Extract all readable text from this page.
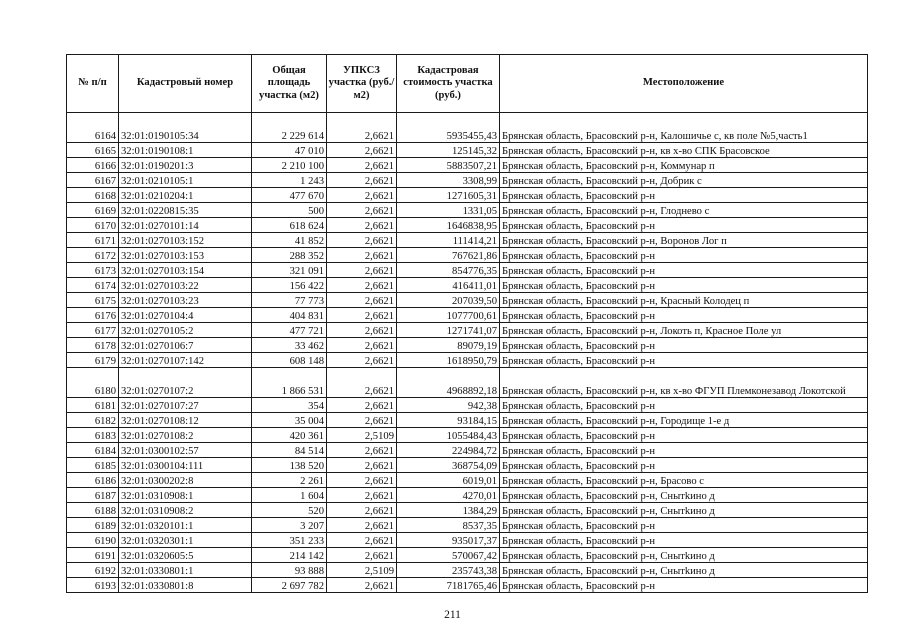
№ п/п	Кадастровый номер	Общая площадь участка (м2)	УПКСЗ участка (руб./м2)	Кадастровая стоимость участка (руб.)	Местоположение
6164	32:01:0190105:34	2 229 614	2,6621	5935455,43	Брянская область, Брасовский р-н, Калошичье с, кв поле №5,часть1
6165	32:01:0190108:1	47 010	2,6621	125145,32	Брянская область, Брасовский р-н, кв х-во СПК Брасовское
6166	32:01:0190201:3	2 210 100	2,6621	5883507,21	Брянская область, Брасовский р-н, Коммунар п
6167	32:01:0210105:1	1 243	2,6621	3308,99	Брянская область, Брасовский р-н, Добрик с
6168	32:01:0210204:1	477 670	2,6621	1271605,31	Брянская область, Брасовский р-н
6169	32:01:0220815:35	500	2,6621	1331,05	Брянская область, Брасовский р-н, Глоднево с
6170	32:01:0270101:14	618 624	2,6621	1646838,95	Брянская область, Брасовский р-н
6171	32:01:0270103:152	41 852	2,6621	111414,21	Брянская область, Брасовский р-н, Воронов Лог п
6172	32:01:0270103:153	288 352	2,6621	767621,86	Брянская область, Брасовский р-н
6173	32:01:0270103:154	321 091	2,6621	854776,35	Брянская область, Брасовский р-н
6174	32:01:0270103:22	156 422	2,6621	416411,01	Брянская область, Брасовский р-н
6175	32:01:0270103:23	77 773	2,6621	207039,50	Брянская область, Брасовский р-н, Красный Колодец п
6176	32:01:0270104:4	404 831	2,6621	1077700,61	Брянская область, Брасовский р-н
6177	32:01:0270105:2	477 721	2,6621	1271741,07	Брянская область, Брасовский р-н, Локоть п, Красное Поле ул
6178	32:01:0270106:7	33 462	2,6621	89079,19	Брянская область, Брасовский р-н
6179	32:01:0270107:142	608 148	2,6621	1618950,79	Брянская область, Брасовский р-н
6180	32:01:0270107:2	1 866 531	2,6621	4968892,18	Брянская область, Брасовский р-н, кв х-во ФГУП Племконезавод Локотской
6181	32:01:0270107:27	354	2,6621	942,38	Брянская область, Брасовский р-н
6182	32:01:0270108:12	35 004	2,6621	93184,15	Брянская область, Брасовский р-н, Городище 1-е д
6183	32:01:0270108:2	420 361	2,5109	1055484,43	Брянская область, Брасовский р-н
6184	32:01:0300102:57	84 514	2,6621	224984,72	Брянская область, Брасовский р-н
6185	32:01:0300104:111	138 520	2,6621	368754,09	Брянская область, Брасовский р-н
6186	32:01:0300202:8	2 261	2,6621	6019,01	Брянская область, Брасовский р-н, Брасово с
6187	32:01:0310908:1	1 604	2,6621	4270,01	Брянская область, Брасовский р-н, Снытkино д
6188	32:01:0310908:2	520	2,6621	1384,29	Брянская область, Брасовский р-н, Снытkино д
6189	32:01:0320101:1	3 207	2,6621	8537,35	Брянская область, Брасовский р-н
6190	32:01:0320301:1	351 233	2,6621	935017,37	Брянская область, Брасовский р-н
6191	32:01:0320605:5	214 142	2,6621	570067,42	Брянская область, Брасовский р-н, Снытkино д
6192	32:01:0330801:1	93 888	2,5109	235743,38	Брянская область, Брасовский р-н, Снытkино д
6193	32:01:0330801:8	2 697 782	2,6621	7181765,46	Брянская область, Брасовский р-н
211
